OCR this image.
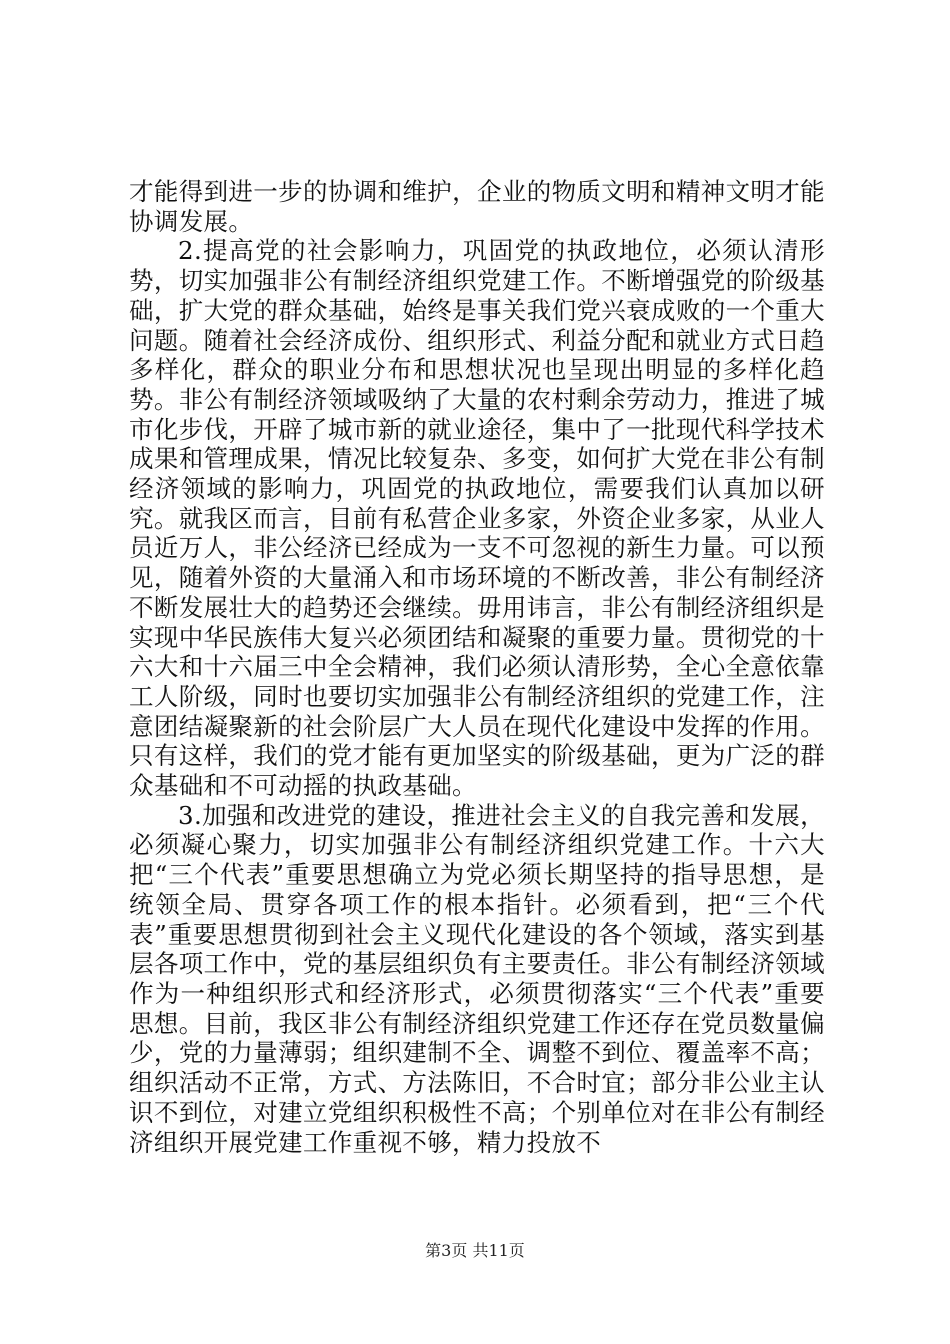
才能得到进一步的协调和维护，企业的物质文明和精神文明才能协调发展。

2.提高党的社会影响力，巩固党的执政地位，必须认清形势，切实加强非公有制经济组织党建工作。不断增强党的阶级基础，扩大党的群众基础，始终是事关我们党兴衰成败的一个重大问题。随着社会经济成份、组织形式、利益分配和就业方式日趋多样化，群众的职业分布和思想状况也呈现出明显的多样化趋势。非公有制经济领域吸纳了大量的农村剩余劳动力，推进了城市化步伐，开辟了城市新的就业途径，集中了一批现代科学技术成果和管理成果，情况比较复杂、多变，如何扩大党在非公有制经济领域的影响力，巩固党的执政地位，需要我们认真加以研究。就我区而言，目前有私营企业多家，外资企业多家，从业人员近万人，非公经济已经成为一支不可忽视的新生力量。可以预见，随着外资的大量涌入和市场环境的不断改善，非公有制经济不断发展壮大的趋势还会继续。毋用讳言，非公有制经济组织是实现中华民族伟大复兴必须团结和凝聚的重要力量。贯彻党的十六大和十六届三中全会精神，我们必须认清形势，全心全意依靠工人阶级，同时也要切实加强非公有制经济组织的党建工作，注意团结凝聚新的社会阶层广大人员在现代化建设中发挥的作用。只有这样，我们的党才能有更加坚实的阶级基础，更为广泛的群众基础和不可动摇的执政基础。

3.加强和改进党的建设，推进社会主义的自我完善和发展，必须凝心聚力，切实加强非公有制经济组织党建工作。十六大把“三个代表”重要思想确立为党必须长期坚持的指导思想，是统领全局、贯穿各项工作的根本指针。必须看到，把“三个代表”重要思想贯彻到社会主义现代化建设的各个领域，落实到基层各项工作中，党的基层组织负有主要责任。非公有制经济领域作为一种组织形式和经济形式，必须贯彻落实“三个代表”重要思想。目前，我区非公有制经济组织党建工作还存在党员数量偏少，党的力量薄弱；组织建制不全、调整不到位、覆盖率不高；组织活动不正常，方式、方法陈旧，不合时宜；部分非公业主认识不到位，对建立党组织积极性不高；个别单位对在非公有制经济组织开展党建工作重视不够，精力投放不

第3页 共11页
